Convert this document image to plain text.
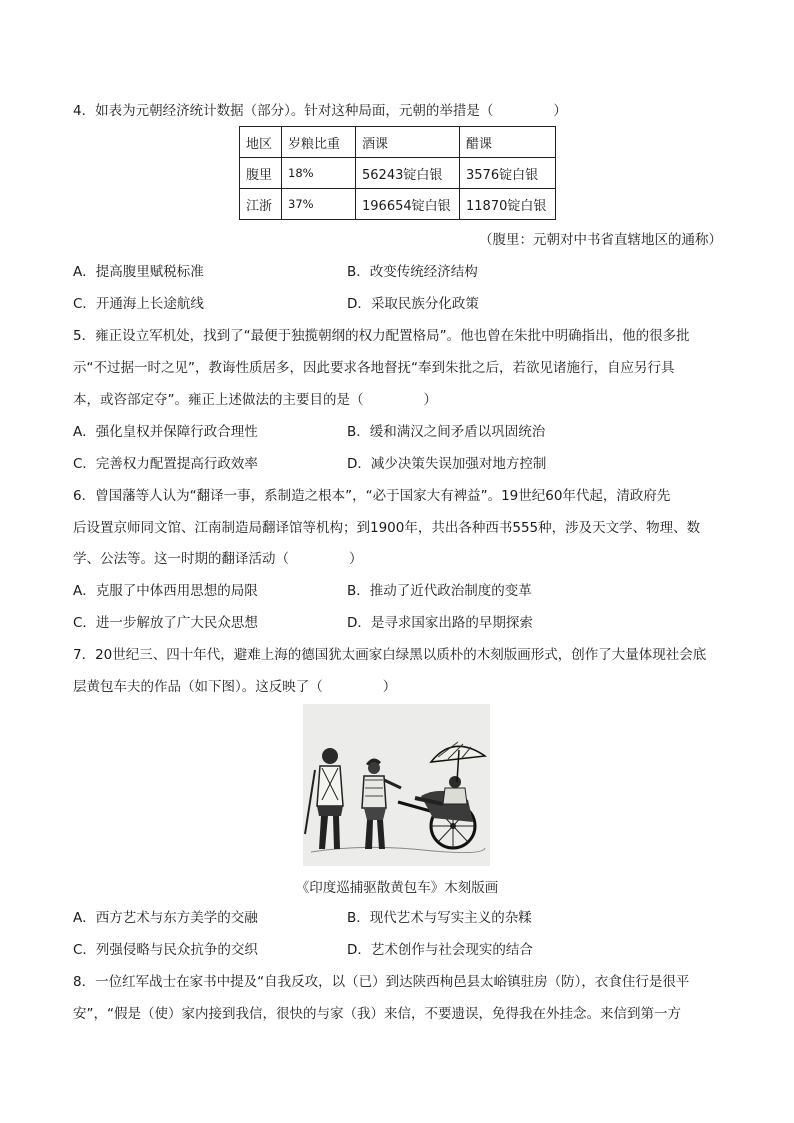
4．如表为元朝经济统计数据（部分）。针对这种局面，元朝的举措是（	）
地区	岁粮比重	酒课	醋课
腹里	18%	56243锭白银	3576锭白银
江浙	37%	196654锭白银	11870锭白银
（腹里：元朝对中书省直辖地区的通称）
A．提高腹里赋税标准	B．改变传统经济结构
C．开通海上长途航线	D．采取民族分化政策
5．雍正设立军机处，找到了“最便于独揽朝纲的权力配置格局”。他也曾在朱批中明确指出，他的很多批
示“不过据一时之见”，教诲性质居多，因此要求各地督抚“奉到朱批之后，若欲见诸施行，自应另行具
本，或咨部定夺”。雍正上述做法的主要目的是（	）
A．强化皇权并保障行政合理性	B．缓和满汉之间矛盾以巩固统治
C．完善权力配置提高行政效率	D．减少决策失误加强对地方控制
6．曾国藩等人认为“翻译一事，系制造之根本”，“必于国家大有裨益”。19世纪60年代起，清政府先
后设置京师同文馆、江南制造局翻译馆等机构；到1900年，共出各种西书555种，涉及天文学、物理、数
学、公法等。这一时期的翻译活动（	）
A．克服了中体西用思想的局限	B．推动了近代政治制度的变革
C．进一步解放了广大民众思想	D．是寻求国家出路的早期探索
7．20世纪三、四十年代，避难上海的德国犹太画家白绿黑以质朴的木刻版画形式，创作了大量体现社会底
层黄包车夫的作品（如下图）。这反映了（	）
《印度巡捕驱散黄包车》木刻版画
A．西方艺术与东方美学的交融	B．现代艺术与写实主义的杂糅
C．列强侵略与民众抗争的交织	D．艺术创作与社会现实的结合
8．一位红军战士在家书中提及“自我反攻，以（已）到达陕西栒邑县太峪镇驻房（防），衣食住行是很平
安”，“假是（使）家内接到我信，很快的与家（我）来信，不要遗误，免得我在外挂念。来信到第一方
